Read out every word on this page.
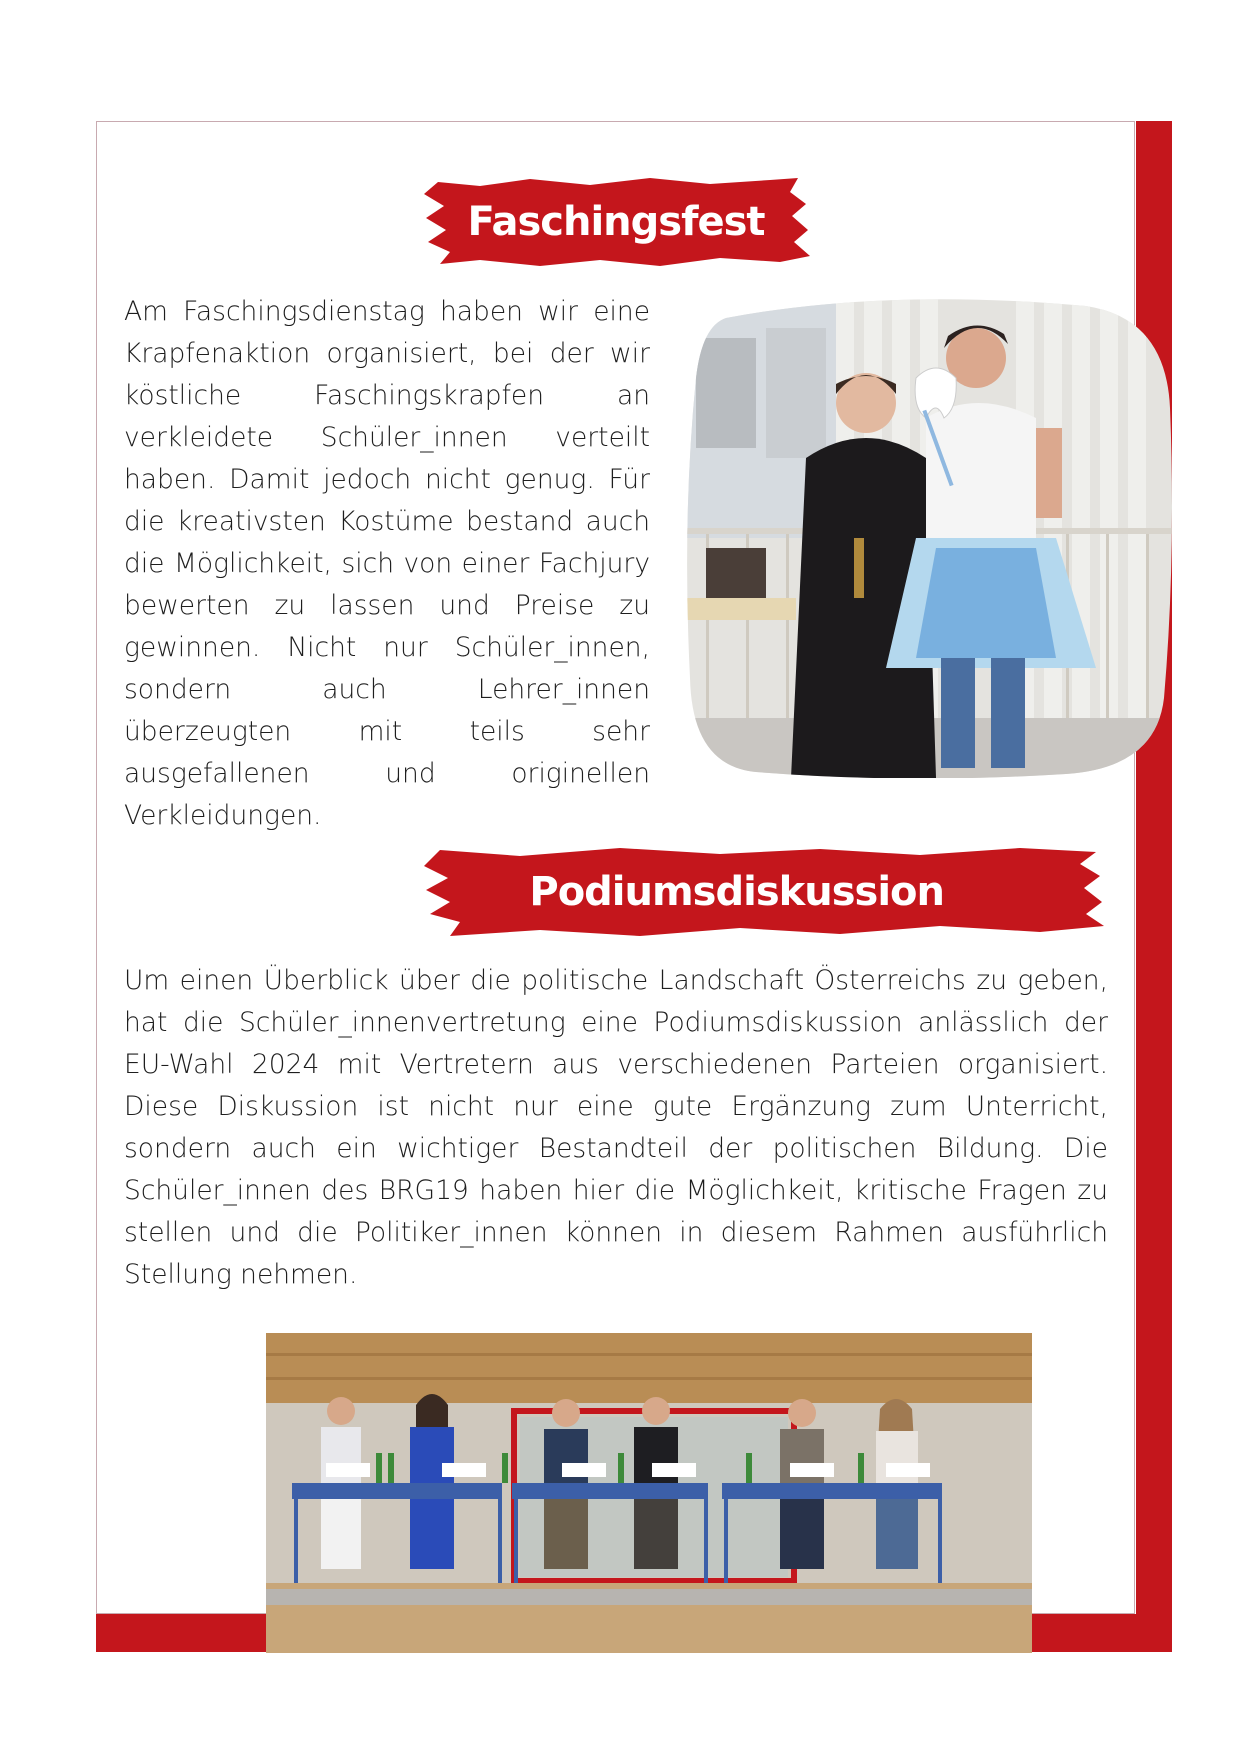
Faschingsfest

Am Faschingsdienstag haben wir eine Krapfenaktion organisiert, bei der wir köstliche Faschingskrapfen an verkleidete Schüler_innen verteilt haben. Damit jedoch nicht genug. Für die kreativsten Kostüme bestand auch die Möglichkeit, sich von einer Fachjury bewerten zu lassen und Preise zu gewinnen. Nicht nur Schüler_innen, sondern auch Lehrer_innen überzeugten mit teils sehr ausgefallenen und originellen Verkleidungen.

Podiumsdiskussion

Um einen Überblick über die politische Landschaft Österreichs zu geben, hat die Schüler_innenvertretung eine Podiumsdiskussion anlässlich der EU-Wahl 2024 mit Vertretern aus verschiedenen Parteien organisiert. Diese Diskussion ist nicht nur eine gute Ergänzung zum Unterricht, sondern auch ein wichtiger Bestandteil der politischen Bildung. Die Schüler_innen des BRG19 haben hier die Möglichkeit, kritische Fragen zu stellen und die Politiker_innen können in diesem Rahmen ausführlich Stellung nehmen.
